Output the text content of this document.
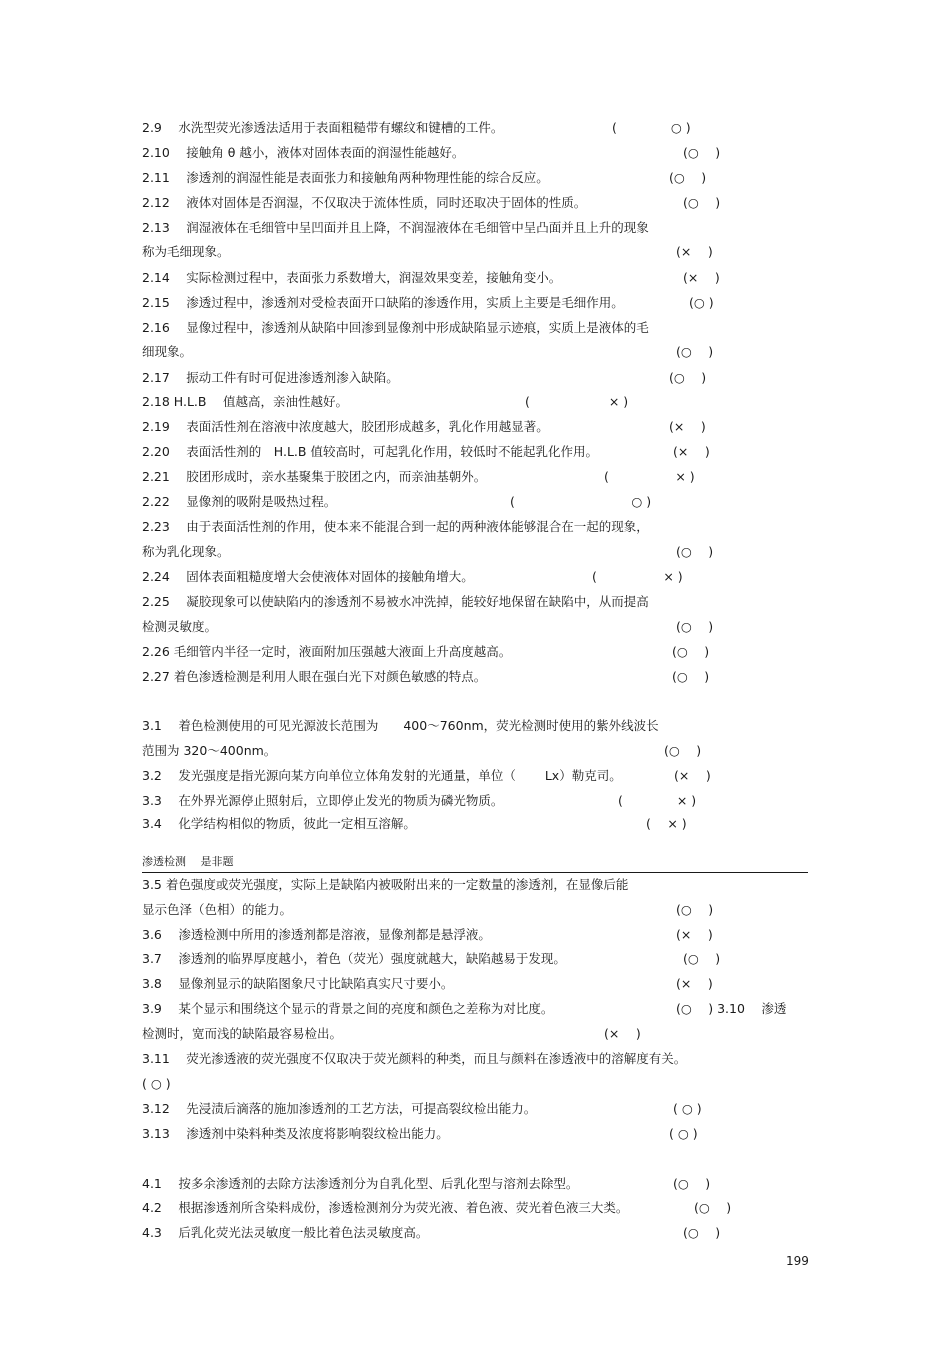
渗透检测　 是非题
199
2.9　 水洗型荧光渗透法适用于表面粗糙带有螺纹和键槽的工件。	(　　　　 ○ )
2.10　 接触角 θ 越小，液体对固体表面的润湿性能越好。	(○　 )
2.11　 渗透剂的润湿性能是表面张力和接触角两种物理性能的综合反应。	(○　 )
2.12　 液体对固体是否润湿，不仅取决于流体性质，同时还取决于固体的性质。	(○　 )
2.13　 润湿液体在毛细管中呈凹面并且上降，不润湿液体在毛细管中呈凸面并且上升的现象
称为毛细现象。	(×　 )
2.14　 实际检测过程中，表面张力系数增大，润湿效果变差，接触角变小。	(×　 )
2.15　 渗透过程中，渗透剂对受检表面开口缺陷的渗透作用，实质上主要是毛细作用。	(○ )
2.16　 显像过程中，渗透剂从缺陷中回渗到显像剂中形成缺陷显示迹痕，实质上是液体的毛
细现象。	(○　 )
2.17　 振动工件有时可促进渗透剂渗入缺陷。	(○　 )
2.18 H.L.B　 值越高，亲油性越好。	(　　　　　　 × )
2.19　 表面活性剂在溶液中浓度越大，胶团形成越多，乳化作用越显著。	(×　 )
2.20　 表面活性剂的　H.L.B 值较高时，可起乳化作用，较低时不能起乳化作用。	(×　 )
2.21　 胶团形成时，亲水基聚集于胶团之内，而亲油基朝外。	(　　　　　 × )
2.22　 显像剂的吸附是吸热过程。	(　　　　　　　　　 ○ )
2.23　 由于表面活性剂的作用，使本来不能混合到一起的两种液体能够混合在一起的现象，
称为乳化现象。	(○　 )
2.24　 固体表面粗糙度增大会使液体对固体的接触角增大。	(　　　　　 × )
2.25　 凝胶现象可以使缺陷内的渗透剂不易被水冲洗掉，能较好地保留在缺陷中，从而提高
检测灵敏度。	(○　 )
2.26 毛细管内半径一定时，液面附加压强越大液面上升高度越高。	(○　 )
2.27 着色渗透检测是利用人眼在强白光下对颜色敏感的特点。	(○　 )
3.1　 着色检测使用的可见光源波长范围为　　400～760nm，荧光检测时使用的紫外线波长
范围为 320～400nm。	(○　 )
3.2　 发光强度是指光源向某方向单位立体角发射的光通量，单位（　　 Lx）勒克司。	(×　 )
3.3　 在外界光源停止照射后，立即停止发光的物质为磷光物质。	(　　　　 × )
3.4　 化学结构相似的物质，彼此一定相互溶解。	(　 × )
3.5 着色强度或荧光强度，实际上是缺陷内被吸附出来的一定数量的渗透剂，在显像后能
显示色泽（色相）的能力。	(○　 )
3.6　 渗透检测中所用的渗透剂都是溶液，显像剂都是悬浮液。	(×　 )
3.7　 渗透剂的临界厚度越小，着色（荧光）强度就越大，缺陷越易于发现。	(○　 )
3.8　 显像剂显示的缺陷图象尺寸比缺陷真实尺寸要小。	(×　 )
3.9　 某个显示和围绕这个显示的背景之间的亮度和颜色之差称为对比度。	(○　 ) 3.10　 渗透
检测时，宽而浅的缺陷最容易检出。	(×　 )
3.11　 荧光渗透液的荧光强度不仅取决于荧光颜料的种类，而且与颜料在渗透液中的溶解度有关。
( ○ )
3.12　 先浸渍后滴落的施加渗透剂的工艺方法，可提高裂纹检出能力。	( ○ )
3.13　 渗透剂中染料种类及浓度将影响裂纹检出能力。	( ○ )
4.1　 按多余渗透剂的去除方法渗透剂分为自乳化型、后乳化型与溶剂去除型。	(○　 )
4.2　 根据渗透剂所含染料成份，渗透检测剂分为荧光液、着色液、荧光着色液三大类。	(○　 )
4.3　 后乳化荧光法灵敏度一般比着色法灵敏度高。	(○　 )
